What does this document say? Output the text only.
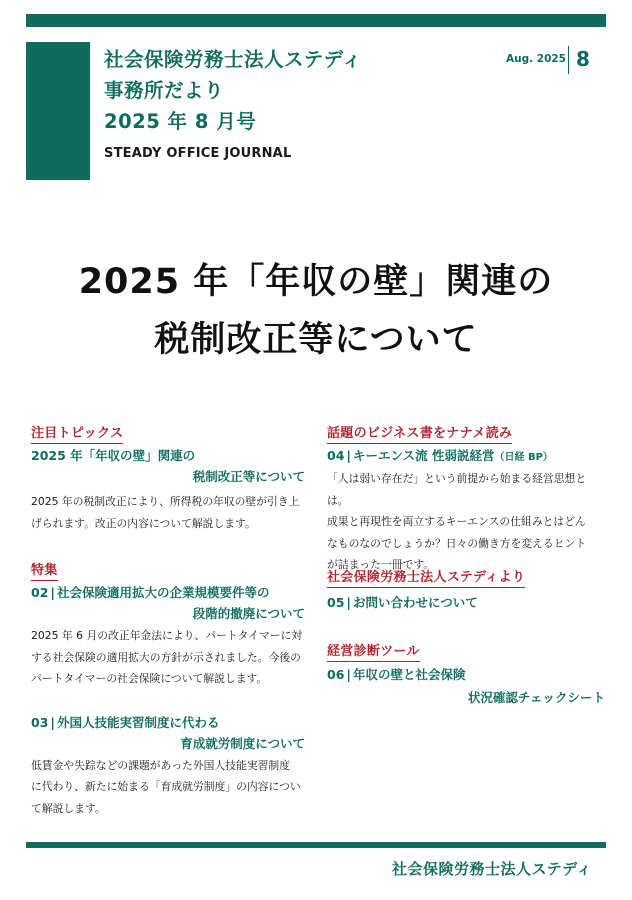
社会保険労務士法人ステディ
事務所だより
2025 年 8 月号
STEADY OFFICE JOURNAL
Aug. 2025 8
2025 年「年収の壁」関連の
税制改正等について
注目トピックス
2025 年「年収の壁」関連の
税制改正等について
2025 年の税制改正により、所得税の年収の壁が引き上
げられます。改正の内容について解説します。
特集
02 | 社会保険適用拡大の企業規模要件等の
段階的撤廃について
2025 年 6 月の改正年金法により、パートタイマーに対
する社会保険の適用拡大の方針が示されました。今後の
パートタイマーの社会保険について解説します。
03 | 外国人技能実習制度に代わる
育成就労制度について
低賃金や失踪などの課題があった外国人技能実習制度
に代わり、新たに始まる「育成就労制度」の内容につい
て解説します。
話題のビジネス書をナナメ読み
04 | キーエンス流 性弱説経営（日経 BP）
「人は弱い存在だ」という前提から始まる経営思想とは。
成果と再現性を両立するキーエンスの仕組みとはどん
なものなのでしょうか？日々の働き方を変えるヒント
が詰まった一冊です。
社会保険労務士法人ステディより
05 | お問い合わせについて
経営診断ツール
06 | 年収の壁と社会保険
状況確認チェックシート
社会保険労務士法人ステディ
